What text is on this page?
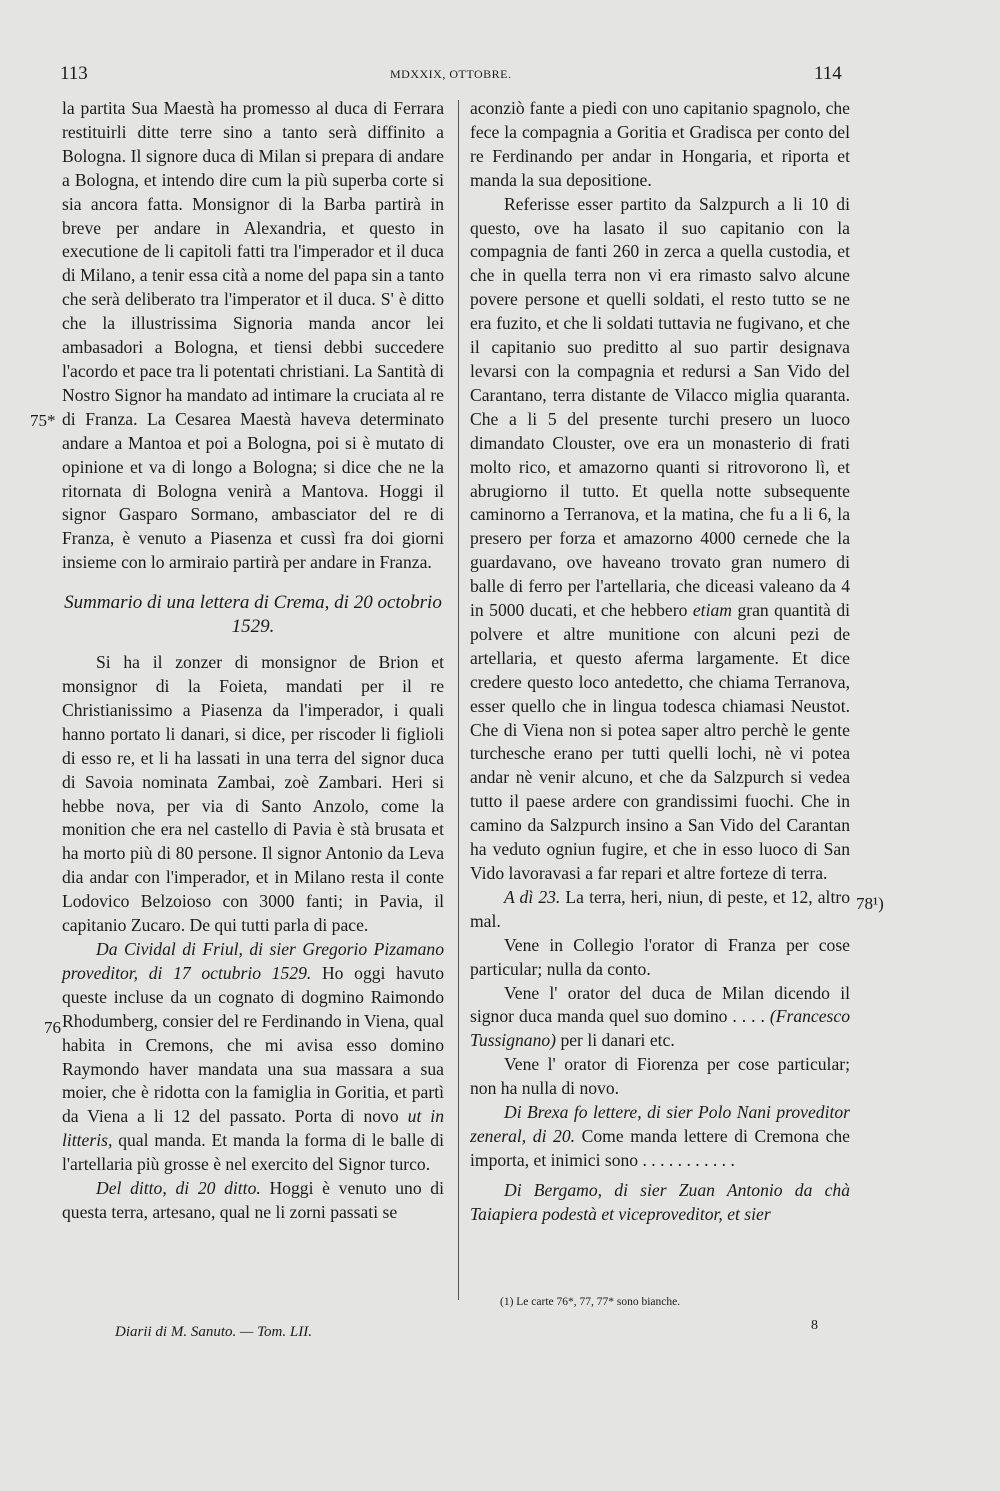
113	MDXXIX, OTTOBRE.	114
75*
76
78¹)

la partita Sua Maestà ha promesso al duca di Ferrara restituirli ditte terre sino a tanto serà diffinito a Bologna. Il signore duca di Milan si prepara di andare a Bologna, et intendo dire cum la più superba corte si sia ancora fatta. Monsignor di la Barba partirà in breve per andare in Alexandria, et questo in executione de li capitoli fatti tra l'imperador et il duca di Milano, a tenir essa cità a nome del papa sin a tanto che serà deliberato tra l'imperator et il duca. S' è ditto che la illustrissima Signoria manda ancor lei ambasadori a Bologna, et tiensi debbi succedere l'acordo et pace tra li potentati christiani. La Santità di Nostro Signor ha mandato ad intimare la cruciata al re di Franza. La Cesarea Maestà haveva determinato andare a Mantoa et poi a Bologna, poi si è mutato di opinione et va di longo a Bologna; si dice che ne la ritornata di Bologna venirà a Mantova. Hoggi il signor Gasparo Sormano, ambasciator del re di Franza, è venuto a Piasenza et cussì fra doi giorni insieme con lo armiraio partirà per andare in Franza.

Summario di una lettera di Crema, di 20 octobrio 1529.

Si ha il zonzer di monsignor de Brion et monsignor di la Foieta, mandati per il re Christianissimo a Piasenza da l'imperador, i quali hanno portato li danari, si dice, per riscoder li figlioli di esso re, et li ha lassati in una terra del signor duca di Savoia nominata Zambai, zoè Zambari. Heri si hebbe nova, per via di Santo Anzolo, come la monition che era nel castello di Pavia è stà brusata et ha morto più di 80 persone. Il signor Antonio da Leva dia andar con l'imperador, et in Milano resta il conte Lodovico Belzoioso con 3000 fanti; in Pavia, il capitanio Zucaro. De qui tutti parla di pace.

Da Cividal di Friul, di sier Gregorio Pizamano proveditor, di 17 octubrio 1529. Ho oggi havuto queste incluse da un cognato di dogmino Raimondo Rhodumberg, consier del re Ferdinando in Viena, qual habita in Cremons, che mi avisa esso domino Raymondo haver mandata una sua massara a sua moier, che è ridotta con la famiglia in Goritia, et partì da Viena a li 12 del passato. Porta di novo ut in litteris, qual manda. Et manda la forma di le balle di l'artellaria più grosse è nel exercito del Signor turco.

Del ditto, di 20 ditto. Hoggi è venuto uno di questa terra, artesano, qual ne li zorni passati se

aconziò fante a piedi con uno capitanio spagnolo, che fece la compagnia a Goritia et Gradisca per conto del re Ferdinando per andar in Hongaria, et riporta et manda la sua depositione.

Referisse esser partito da Salzpurch a li 10 di questo, ove ha lasato il suo capitanio con la compagnia de fanti 260 in zerca a quella custodia, et che in quella terra non vi era rimasto salvo alcune povere persone et quelli soldati, el resto tutto se ne era fuzito, et che li soldati tuttavia ne fugivano, et che il capitanio suo preditto al suo partir designava levarsi con la compagnia et redursi a San Vido del Carantano, terra distante de Vilacco miglia quaranta. Che a li 5 del presente turchi presero un luoco dimandato Clouster, ove era un monasterio di frati molto rico, et amazorno quanti si ritrovorono lì, et abrugiorno il tutto. Et quella notte subsequente caminorno a Terranova, et la matina, che fu a li 6, la presero per forza et amazorno 4000 cernede che la guardavano, ove haveano trovato gran numero di balle di ferro per l'artellaria, che diceasi valeano da 4 in 5000 ducati, et che hebbero etiam gran quantità di polvere et altre munitione con alcuni pezi de artellaria, et questo aferma largamente. Et dice credere questo loco antedetto, che chiama Terranova, esser quello che in lingua todesca chiamasi Neustot. Che di Viena non si potea saper altro perchè le gente turchesche erano per tutti quelli lochi, nè vi potea andar nè venir alcuno, et che da Salzpurch si vedea tutto il paese ardere con grandissimi fuochi. Che in camino da Salzpurch insino a San Vido del Carantan ha veduto ogniun fugire, et che in esso luoco di San Vido lavoravasi a far repari et altre forteze di terra.

A dì 23. La terra, heri, niun, di peste, et 12, altro mal.

Vene in Collegio l'orator di Franza per cose particular; nulla da conto.

Vene l' orator del duca de Milan dicendo il signor duca manda quel suo domino . . . . (Francesco Tussignano) per li danari etc.

Vene l' orator di Fiorenza per cose particular; non ha nulla di novo.

Di Brexa fo lettere, di sier Polo Nani proveditor zeneral, di 20. Come manda lettere di Cremona che importa, et inimici sono . . . . . . . . . . .

Di Bergamo, di sier Zuan Antonio da chà Taiapiera podestà et viceproveditor, et sier

(1) Le carte 76*, 77, 77* sono bianche.
8
Diarii di M. Sanuto. — Tom. LII.
